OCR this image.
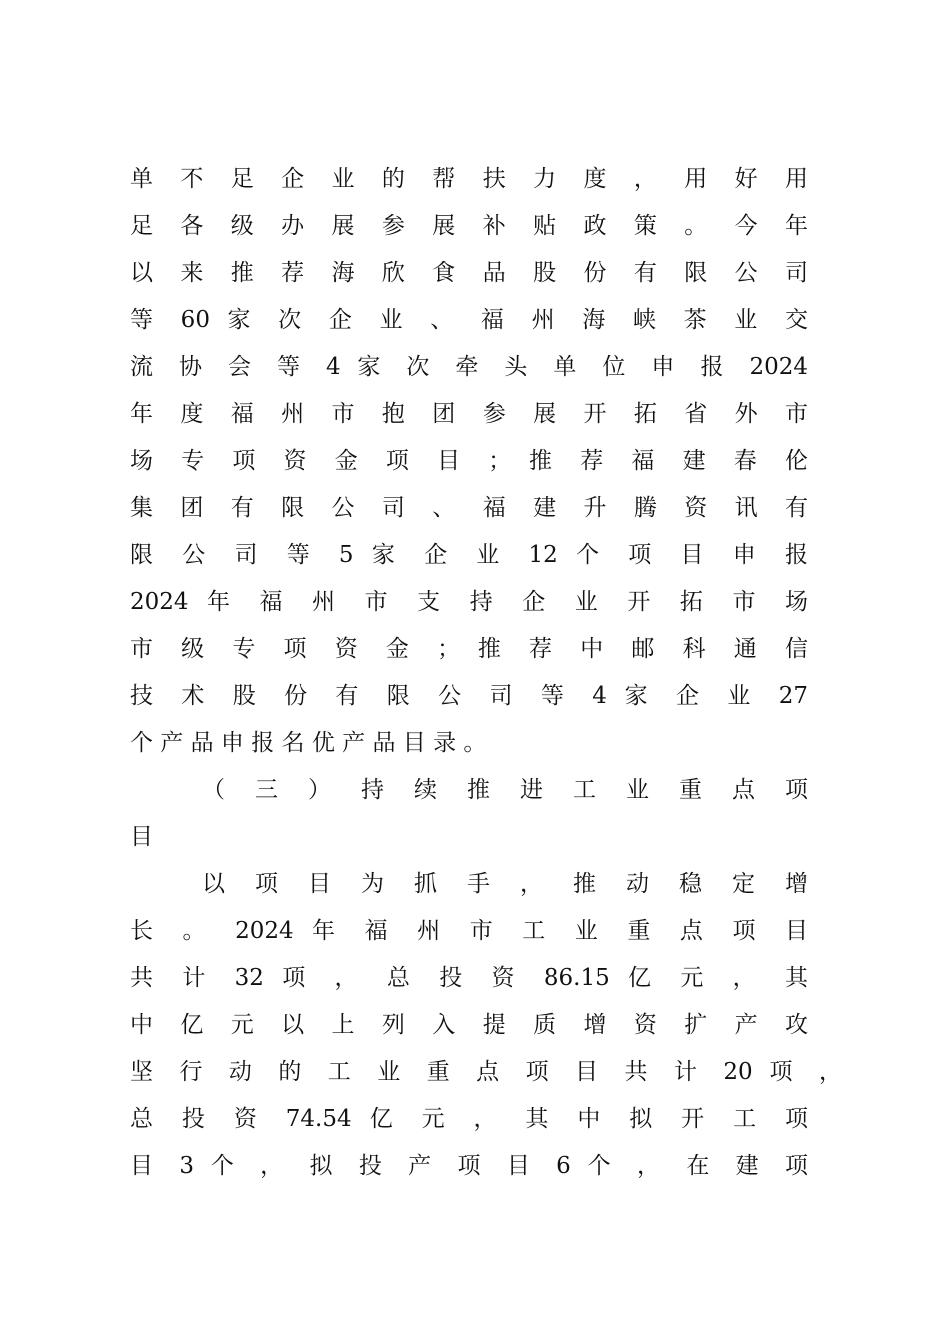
单 不 足 企 业 的 帮 扶 力 度 ， 用 好 用
足 各 级 办 展 参 展 补 贴 政 策 。 今 年
以 来 推 荐 海 欣 食 品 股 份 有 限 公 司
等 60 家 次 企 业 、 福 州 海 峡 茶 业 交
流 协 会 等 4 家 次 牵 头 单 位 申 报 2024
年 度 福 州 市 抱 团 参 展 开 拓 省 外 市
场 专 项 资 金 项 目 ； 推 荐 福 建 春 伦
集 团 有 限 公 司 、 福 建 升 腾 资 讯 有
限 公 司 等 5 家 企 业 12 个 项 目 申 报
2024 年 福 州 市 支 持 企 业 开 拓 市 场
市 级 专 项 资 金 ； 推 荐 中 邮 科 通 信
技 术 股 份 有 限 公 司 等 4 家 企 业 27
个 产 品 申 报 名 优 产 品 目 录 。
（ 三 ） 持 续 推 进 工 业 重 点 项
目
以 项 目 为 抓 手 ， 推 动 稳 定 增
长 。 2024 年 福 州 市 工 业 重 点 项 目
共 计 32 项 ， 总 投 资 86.15 亿 元 ， 其
中 亿 元 以 上 列 入 提 质 增 资 扩 产 攻
坚 行 动 的 工 业 重 点 项 目 共 计 20 项 ，
总 投 资 74.54 亿 元 ， 其 中 拟 开 工 项
目 3 个 ， 拟 投 产 项 目 6 个 ， 在 建 项
